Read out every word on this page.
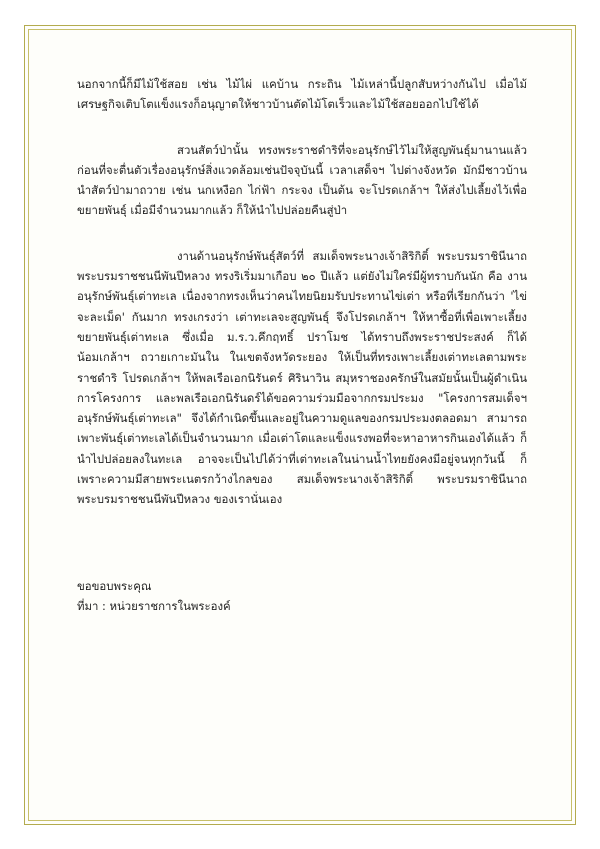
นอกจากนี้ก็มีไม้ใช้สอย เช่น ไม้ไผ่ แคบ้าน กระถิน ไม้เหล่านี้ปลูกสับหว่างกันไป เมื่อไม้เศรษฐกิจเติบโตแข็งแรงก็อนุญาตให้ชาวบ้านตัดไม้โตเร็วและไม้ใช้สอยออกไปใช้ได้

สวนสัตว์ป่านั้น ทรงพระราชดำริที่จะอนุรักษ์ไว้ไม่ให้สูญพันธุ์มานานแล้ว ก่อนที่จะตื่นตัวเรื่องอนุรักษ์สิ่งแวดล้อมเช่นปัจจุบันนี้ เวลาเสด็จฯ ไปต่างจังหวัด มักมีชาวบ้านนำสัตว์ป่ามาถวาย เช่น นกเหงือก ไก่ฟ้า กระจง เป็นต้น จะโปรดเกล้าฯ ให้ส่งไปเลี้ยงไว้เพื่อขยายพันธุ์ เมื่อมีจำนวนมากแล้ว ก็ให้นำไปปล่อยคืนสู่ป่า

งานด้านอนุรักษ์พันธุ์สัตว์ที่ สมเด็จพระนางเจ้าสิริกิติ์ พระบรมราชินีนาถ พระบรมราชชนนีพันปีหลวง ทรงริเริ่มมาเกือบ ๒๐ ปีแล้ว แต่ยังไม่ใคร่มีผู้ทราบกันนัก คือ งานอนุรักษ์พันธุ์เต่าทะเล เนื่องจากทรงเห็นว่าคนไทยนิยมรับประทานไข่เต่า หรือที่เรียกกันว่า 'ไข่จะละเม็ด' กันมาก ทรงเกรงว่า เต่าทะเลจะสูญพันธุ์ จึงโปรดเกล้าฯ ให้หาซื้อที่เพื่อเพาะเลี้ยงขยายพันธุ์เต่าทะเล ซึ่งเมื่อ ม.ร.ว.คึกฤทธิ์ ปราโมช ได้ทราบถึงพระราชประสงค์ ก็ได้น้อมเกล้าฯ ถวายเกาะมันใน ในเขตจังหวัดระยอง ให้เป็นที่ทรงเพาะเลี้ยงเต่าทะเลตามพระราชดำริ โปรดเกล้าฯ ให้พลเรือเอกนิรันดร์ ศิรินาวิน สมุหราชองครักษ์ในสมัยนั้นเป็นผู้ดำเนินการโครงการ และพลเรือเอกนิรันดร์ได้ขอความร่วมมือจากกรมประมง "โครงการสมเด็จฯ อนุรักษ์พันธุ์เต่าทะเล" จึงได้กำเนิดขึ้นและอยู่ในความดูแลของกรมประมงตลอดมา สามารถเพาะพันธุ์เต่าทะเลได้เป็นจำนวนมาก เมื่อเต่าโตและแข็งแรงพอที่จะหาอาหารกินเองได้แล้ว ก็นำไปปล่อยลงในทะเล อาจจะเป็นไปได้ว่าที่เต่าทะเลในน่านน้ำไทยยังคงมีอยู่จนทุกวันนี้ ก็เพราะความมีสายพระเนตรกว้างไกลของ สมเด็จพระนางเจ้าสิริกิติ์ พระบรมราชินีนาถ พระบรมราชชนนีพันปีหลวง ของเรานั่นเอง

ขอขอบพระคุณ

ที่มา : หน่วยราชการในพระองค์
